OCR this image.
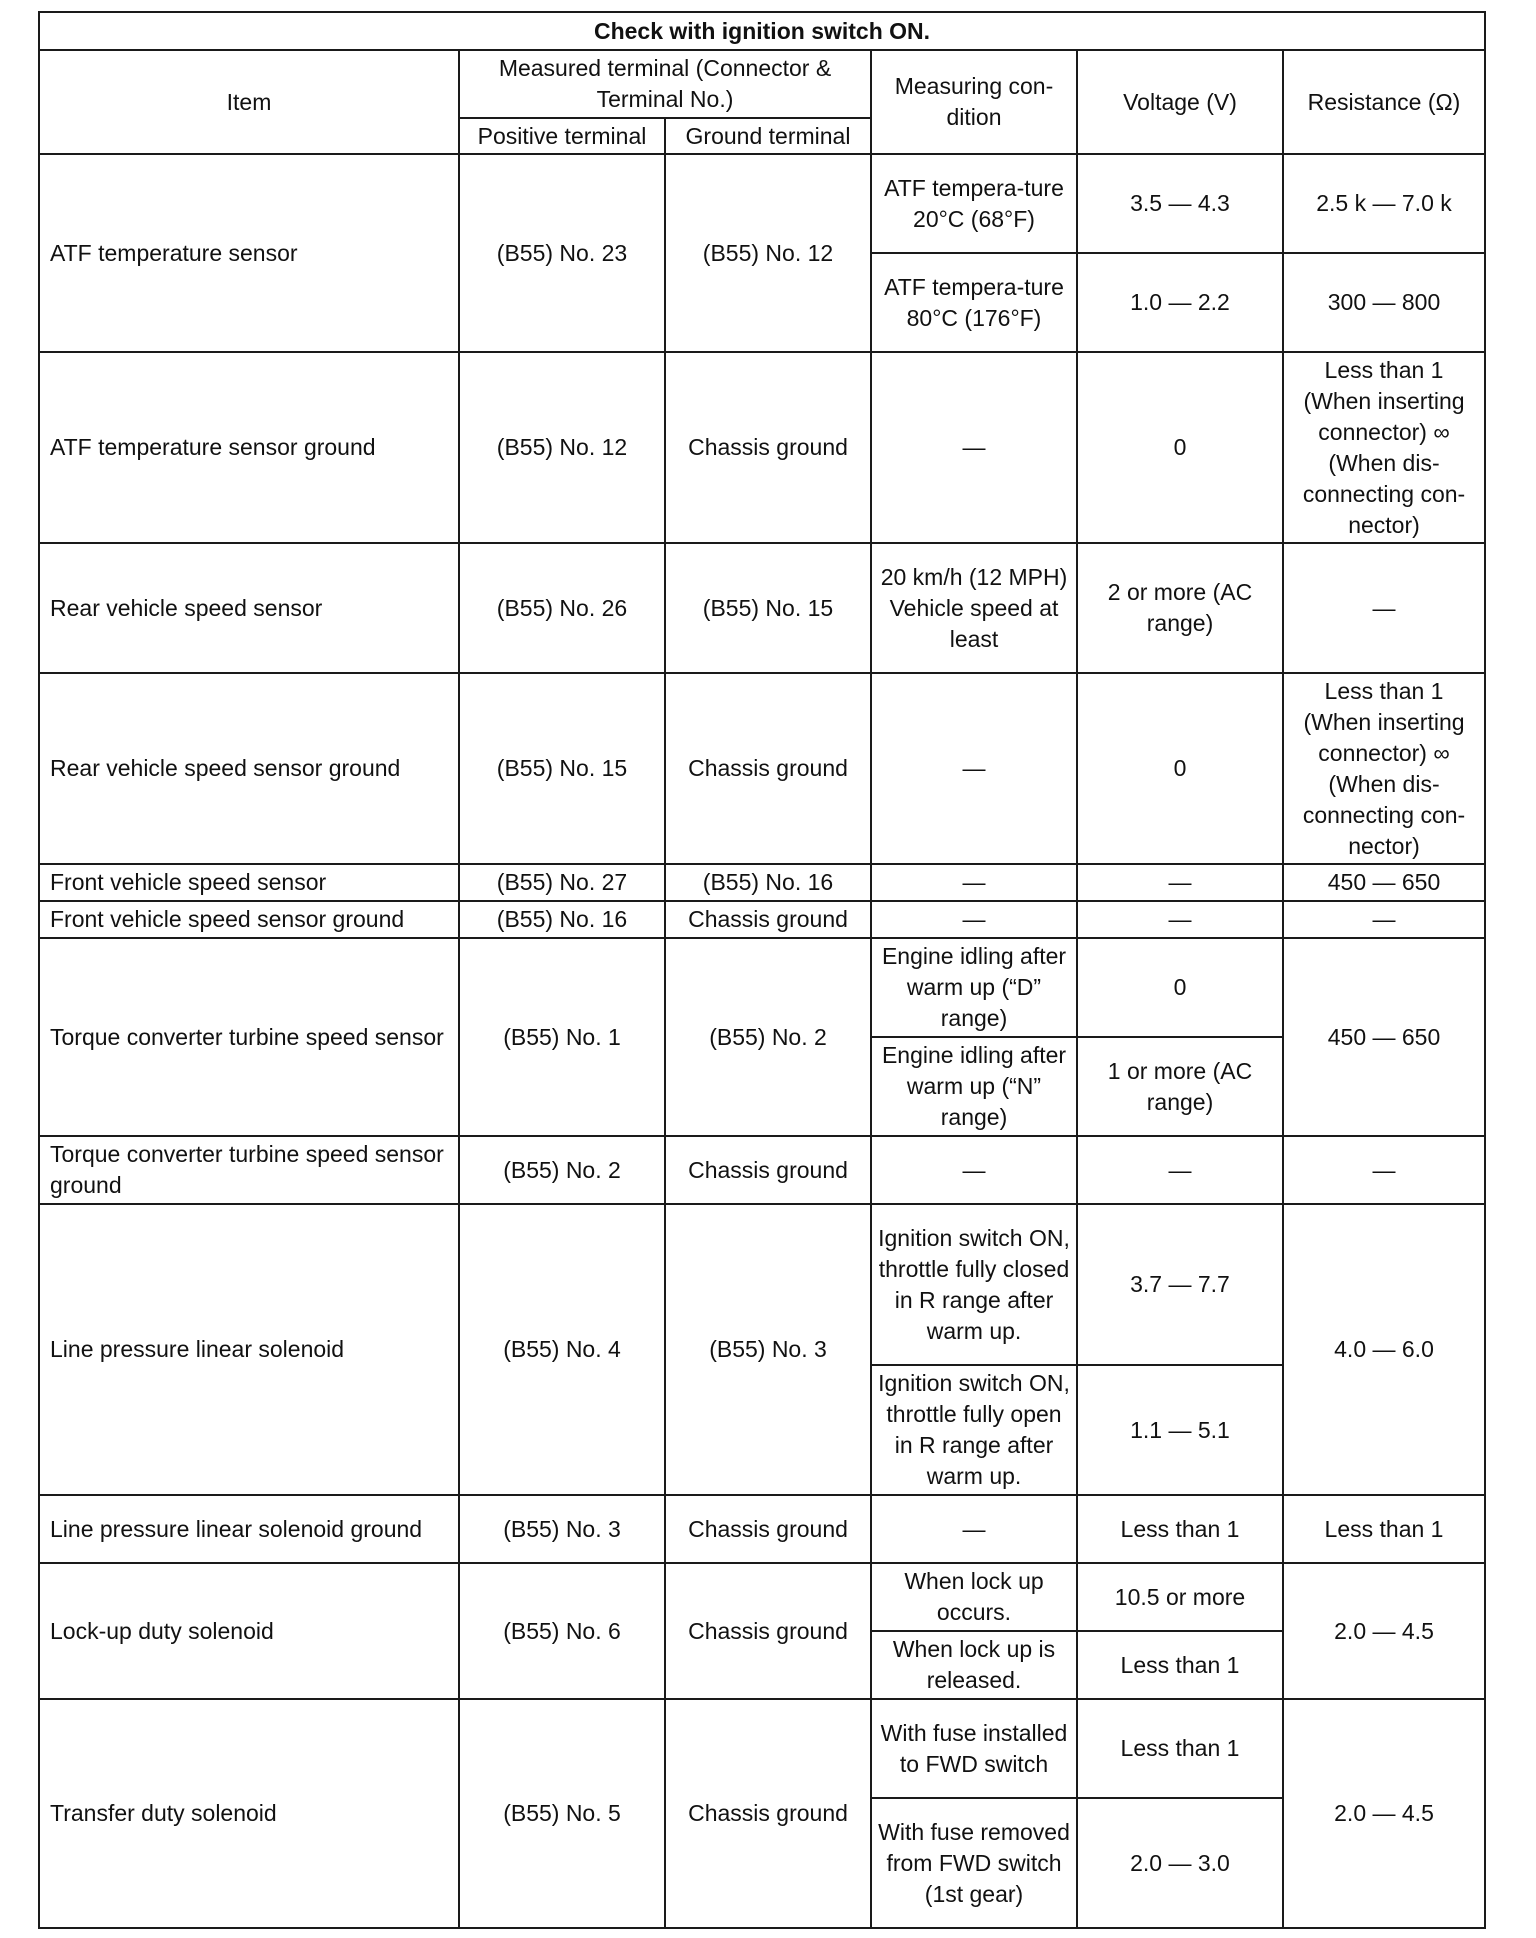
Check with ignition switch ON.					
Item	Measured terminal (Connector & Terminal No.)		Measuring con-dition	Voltage (V)	Resistance (Ω)
	Positive terminal	Ground terminal			
ATF temperature sensor	(B55) No. 23	(B55) No. 12	ATF tempera-ture 20°C (68°F)	3.5 — 4.3	2.5 k — 7.0 k
			ATF tempera-ture 80°C (176°F)	1.0 — 2.2	300 — 800
ATF temperature sensor ground	(B55) No. 12	Chassis ground	—	0	Less than 1 (When inserting connector) ∞ (When dis-connecting con-nector)
Rear vehicle speed sensor	(B55) No. 26	(B55) No. 15	20 km/h (12 MPH) Vehicle speed at least	2 or more (AC range)	—
Rear vehicle speed sensor ground	(B55) No. 15	Chassis ground	—	0	Less than 1 (When inserting connector) ∞ (When dis-connecting con-nector)
Front vehicle speed sensor	(B55) No. 27	(B55) No. 16	—	—	450 — 650
Front vehicle speed sensor ground	(B55) No. 16	Chassis ground	—	—	—
Torque converter turbine speed sensor	(B55) No. 1	(B55) No. 2	Engine idling after warm up (“D” range)	0	450 — 650
			Engine idling after warm up (“N” range)	1 or more (AC range)	
Torque converter turbine speed sensor ground	(B55) No. 2	Chassis ground	—	—	—
Line pressure linear solenoid	(B55) No. 4	(B55) No. 3	Ignition switch ON, throttle fully closed in R range after warm up.	3.7 — 7.7	4.0 — 6.0
			Ignition switch ON, throttle fully open in R range after warm up.	1.1 — 5.1	
Line pressure linear solenoid ground	(B55) No. 3	Chassis ground	—	Less than 1	Less than 1
Lock-up duty solenoid	(B55) No. 6	Chassis ground	When lock up occurs.	10.5 or more	2.0 — 4.5
			When lock up is released.	Less than 1	
Transfer duty solenoid	(B55) No. 5	Chassis ground	With fuse installed to FWD switch	Less than 1	2.0 — 4.5
			With fuse removed from FWD switch (1st gear)	2.0 — 3.0	
